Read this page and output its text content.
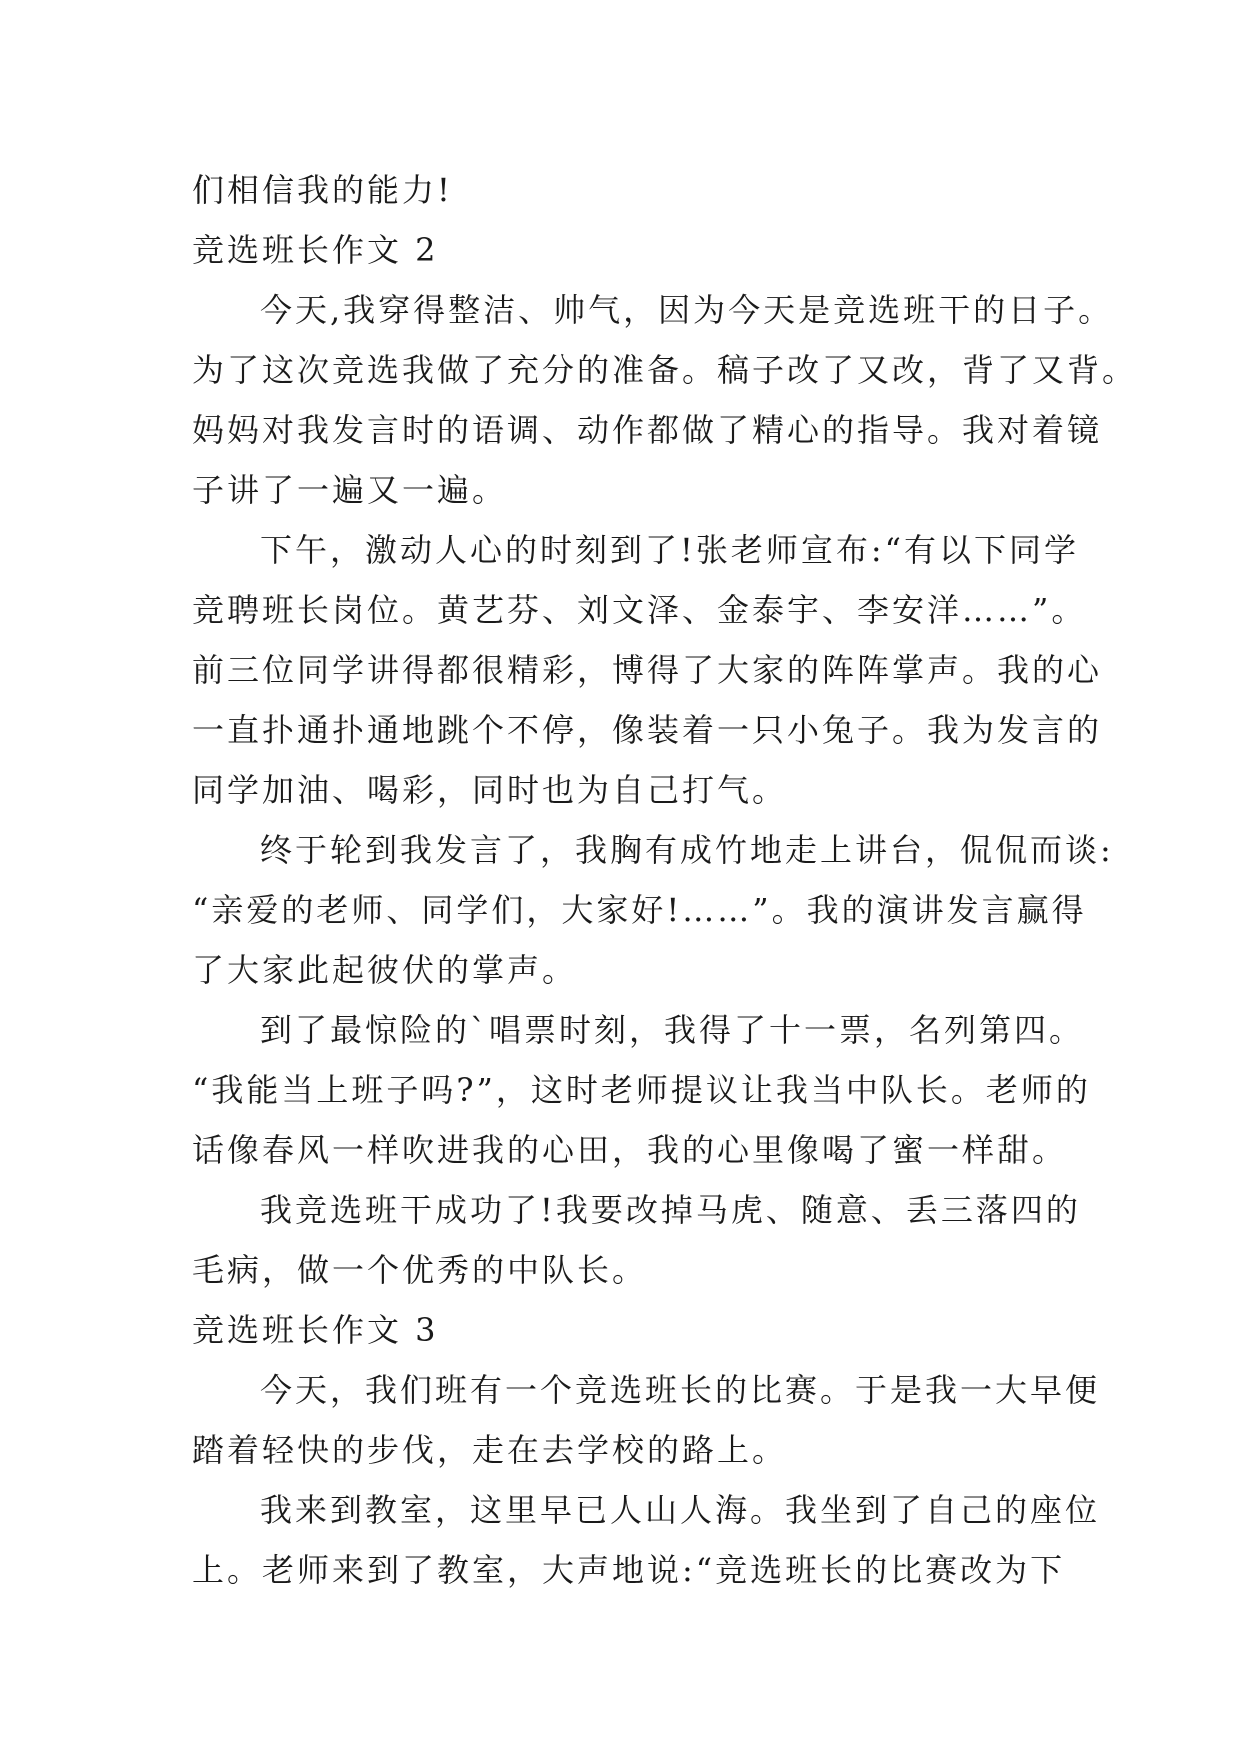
们相信我的能力!
竞选班长作文 2
今天,我穿得整洁、帅气，因为今天是竞选班干的日子。
为了这次竞选我做了充分的准备。稿子改了又改，背了又背。
妈妈对我发言时的语调、动作都做了精心的指导。我对着镜
子讲了一遍又一遍。
下午，激动人心的时刻到了!张老师宣布:“有以下同学
竞聘班长岗位。黄艺芬、刘文泽、金泰宇、李安洋……”。
前三位同学讲得都很精彩，博得了大家的阵阵掌声。我的心
一直扑通扑通地跳个不停，像装着一只小兔子。我为发言的
同学加油、喝彩，同时也为自己打气。
终于轮到我发言了，我胸有成竹地走上讲台，侃侃而谈:
“亲爱的老师、同学们，大家好!……”。我的演讲发言赢得
了大家此起彼伏的掌声。
到了最惊险的`唱票时刻，我得了十一票，名列第四。
“我能当上班子吗?”，这时老师提议让我当中队长。老师的
话像春风一样吹进我的心田，我的心里像喝了蜜一样甜。
我竞选班干成功了!我要改掉马虎、随意、丢三落四的
毛病，做一个优秀的中队长。
竞选班长作文 3
今天，我们班有一个竞选班长的比赛。于是我一大早便
踏着轻快的步伐，走在去学校的路上。
我来到教室，这里早已人山人海。我坐到了自己的座位
上。老师来到了教室，大声地说:“竞选班长的比赛改为下
